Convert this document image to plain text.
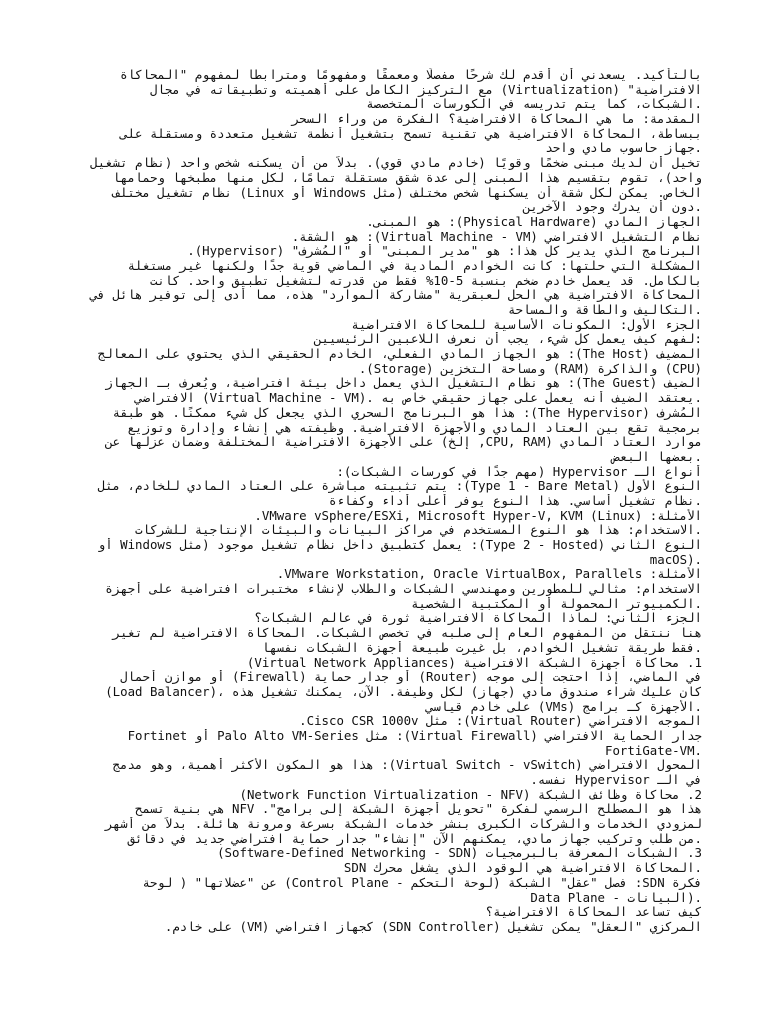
بالتأكيد. يسعدني أن أقدم لك شرحًا مفصلًا ومعمقًا ومفهومًا ومترابطًا لمفهوم "المحاكاة
الافتراضية" (Virtualization) مع التركيز الكامل على أهميته وتطبيقاته في مجال
.الشبكات، كما يتم تدريسه في الكورسات المتخصصة
المقدمة: ما هي المحاكاة الافتراضية؟ الفكرة من وراء السحر
ببساطة، المحاكاة الافتراضية هي تقنية تسمح بتشغيل أنظمة تشغيل متعددة ومستقلة على
.جهاز حاسوب مادي واحد
تخيل أن لديك مبنى ضخمًا وقويًا (خادم مادي قوي). بدلاً من أن يسكنه شخص واحد (نظام تشغيل
واحد)، تقوم بتقسيم هذا المبنى إلى عدة شقق مستقلة تمامًا، لكل منها مطبخها وحمامها
الخاص. يمكن لكل شقة أن يسكنها شخص مختلف (مثل Windows أو Linux) نظام تشغيل مختلف
.دون أن يدرك وجود الآخرين
الجهاز المادي (Physical Hardware): هو المبنى.
نظام التشغيل الافتراضي (Virtual Machine - VM): هو الشقة.
البرنامج الذي يدير كل هذا: هو "مدير المبنى" أو "المُشرف" (Hypervisor).
المشكلة التي حلتها: كانت الخوادم المادية في الماضي قوية جدًا ولكنها غير مستغلة
بالكامل. قد يعمل خادم ضخم بنسبة 5-10% فقط من قدرته لتشغيل تطبيق واحد. كانت
المحاكاة الافتراضية هي الحل لعبقرية "مشاركة الموارد" هذه، مما أدى إلى توفير هائل في
.التكاليف والطاقة والمساحة
الجزء الأول: المكونات الأساسية للمحاكاة الافتراضية
:لفهم كيف يعمل كل شيء، يجب أن نعرف اللاعبين الرئيسيين
المضيف (The Host): هو الجهاز المادي الفعلي، الخادم الحقيقي الذي يحتوي على المعالج
.(Storage) ومساحة التخزين (RAM) والذاكرة (CPU)
الضيف (The Guest): هو نظام التشغيل الذي يعمل داخل بيئة افتراضية، ويُعرف بـ الجهاز
.يعتقد الضيف أنه يعمل على جهاز حقيقي خاص به .(Virtual Machine - VM) الافتراضي
المُشرف (The Hypervisor): هذا هو البرنامج السحري الذي يجعل كل شيء ممكنًا. هو طبقة
برمجية تقع بين العتاد المادي والأجهزة الافتراضية. وظيفته هي إنشاء وإدارة وتوزيع
موارد العتاد المادي (CPU, RAM, إلخ) على الأجهزة الافتراضية المختلفة وضمان عزلها عن
.بعضها البعض
أنواع الـ Hypervisor (مهم جدًا في كورسات الشبكات):
النوع الأول (Type 1 - Bare Metal): يتم تثبيته مباشرة على العتاد المادي للخادم، مثل
.نظام تشغيل أساسي. هذا النوع يوفر أعلى أداء وكفاءة
الأمثلة: VMware vSphere/ESXi, Microsoft Hyper-V, KVM (Linux).
.الاستخدام: هذا هو النوع المستخدم في مراكز البيانات والبيئات الإنتاجية للشركات
النوع الثاني (Type 2 - Hosted): يعمل كتطبيق داخل نظام تشغيل موجود (مثل Windows أو
macOS).
الأمثلة: VMware Workstation, Oracle VirtualBox, Parallels.
الاستخدام: مثالي للمطورين ومهندسي الشبكات والطلاب لإنشاء مختبرات افتراضية على أجهزة
.الكمبيوتر المحمولة أو المكتبية الشخصية
الجزء الثاني: لماذا المحاكاة الافتراضية ثورة في عالم الشبكات؟
هنا ننتقل من المفهوم العام إلى صلبه في تخصص الشبكات. المحاكاة الافتراضية لم تغير
.فقط طريقة تشغيل الخوادم، بل غيرت طبيعة أجهزة الشبكات نفسها
1. محاكاة أجهزة الشبكة الافتراضية (Virtual Network Appliances)
في الماضي، إذا احتجت إلى موجه (Router) أو جدار حماية (Firewall) أو موازن أحمال
(Load Balancer)، كان عليك شراء صندوق مادي (جهاز) لكل وظيفة. الآن، يمكنك تشغيل هذه
.الأجهزة كـ برامج (VMs) على خادم قياسي
الموجه الافتراضي (Virtual Router): مثل Cisco CSR 1000v.
جدار الحماية الافتراضي (Virtual Firewall): مثل Palo Alto VM-Series أو Fortinet
FortiGate-VM.
المحول الافتراضي (Virtual Switch - vSwitch): هذا هو المكون الأكثر أهمية، وهو مدمج
في الـ Hypervisor نفسه.
2. محاكاة وظائف الشبكة (Network Function Virtualization - NFV)
هذا هو المصطلح الرسمي لفكرة "تحويل أجهزة الشبكة إلى برامج". NFV هي بنية تسمح
لمزودي الخدمات والشركات الكبرى بنشر خدمات الشبكة بسرعة ومرونة هائلة. بدلاً من أشهر
.من طلب وتركيب جهاز مادي، يمكنهم الآن "إنشاء" جدار حماية افتراضي جديد في دقائق
3. الشبكات المعرفة بالبرمجيات (Software-Defined Networking - SDN)
.المحاكاة الافتراضية هي الوقود الذي يشغل محرك SDN
فكرة SDN: فصل "عقل" الشبكة (لوحة التحكم - Control Plane) عن "عضلاتها" ( لوحة
.(البيانات - Data Plane
كيف تساعد المحاكاة الافتراضية؟
المركزي "العقل" يمكن تشغيل (SDN Controller) كجهاز افتراضي (VM) على خادم.
